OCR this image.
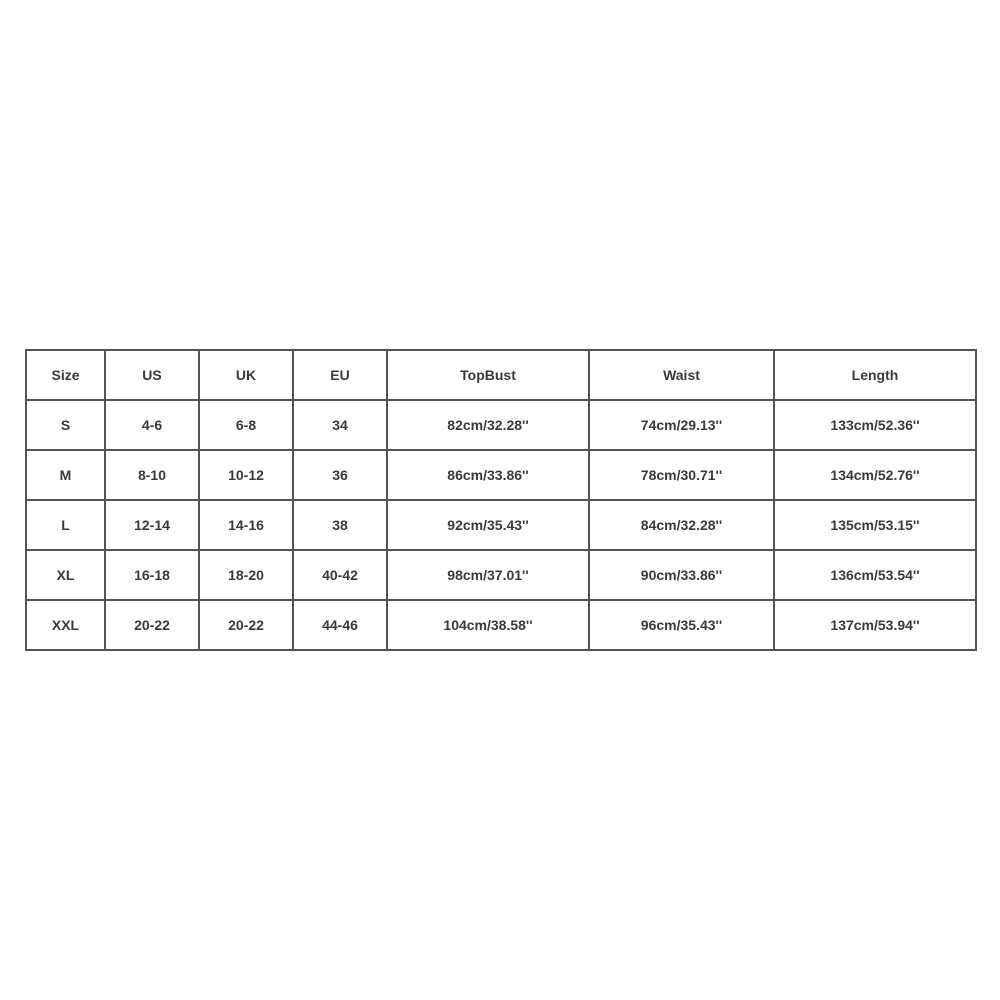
Size	US	UK	EU	TopBust	Waist	Length
S	4-6	6-8	34	82cm/32.28''	74cm/29.13''	133cm/52.36''
M	8-10	10-12	36	86cm/33.86''	78cm/30.71''	134cm/52.76''
L	12-14	14-16	38	92cm/35.43''	84cm/32.28''	135cm/53.15''
XL	16-18	18-20	40-42	98cm/37.01''	90cm/33.86''	136cm/53.54''
XXL	20-22	20-22	44-46	104cm/38.58''	96cm/35.43''	137cm/53.94''
